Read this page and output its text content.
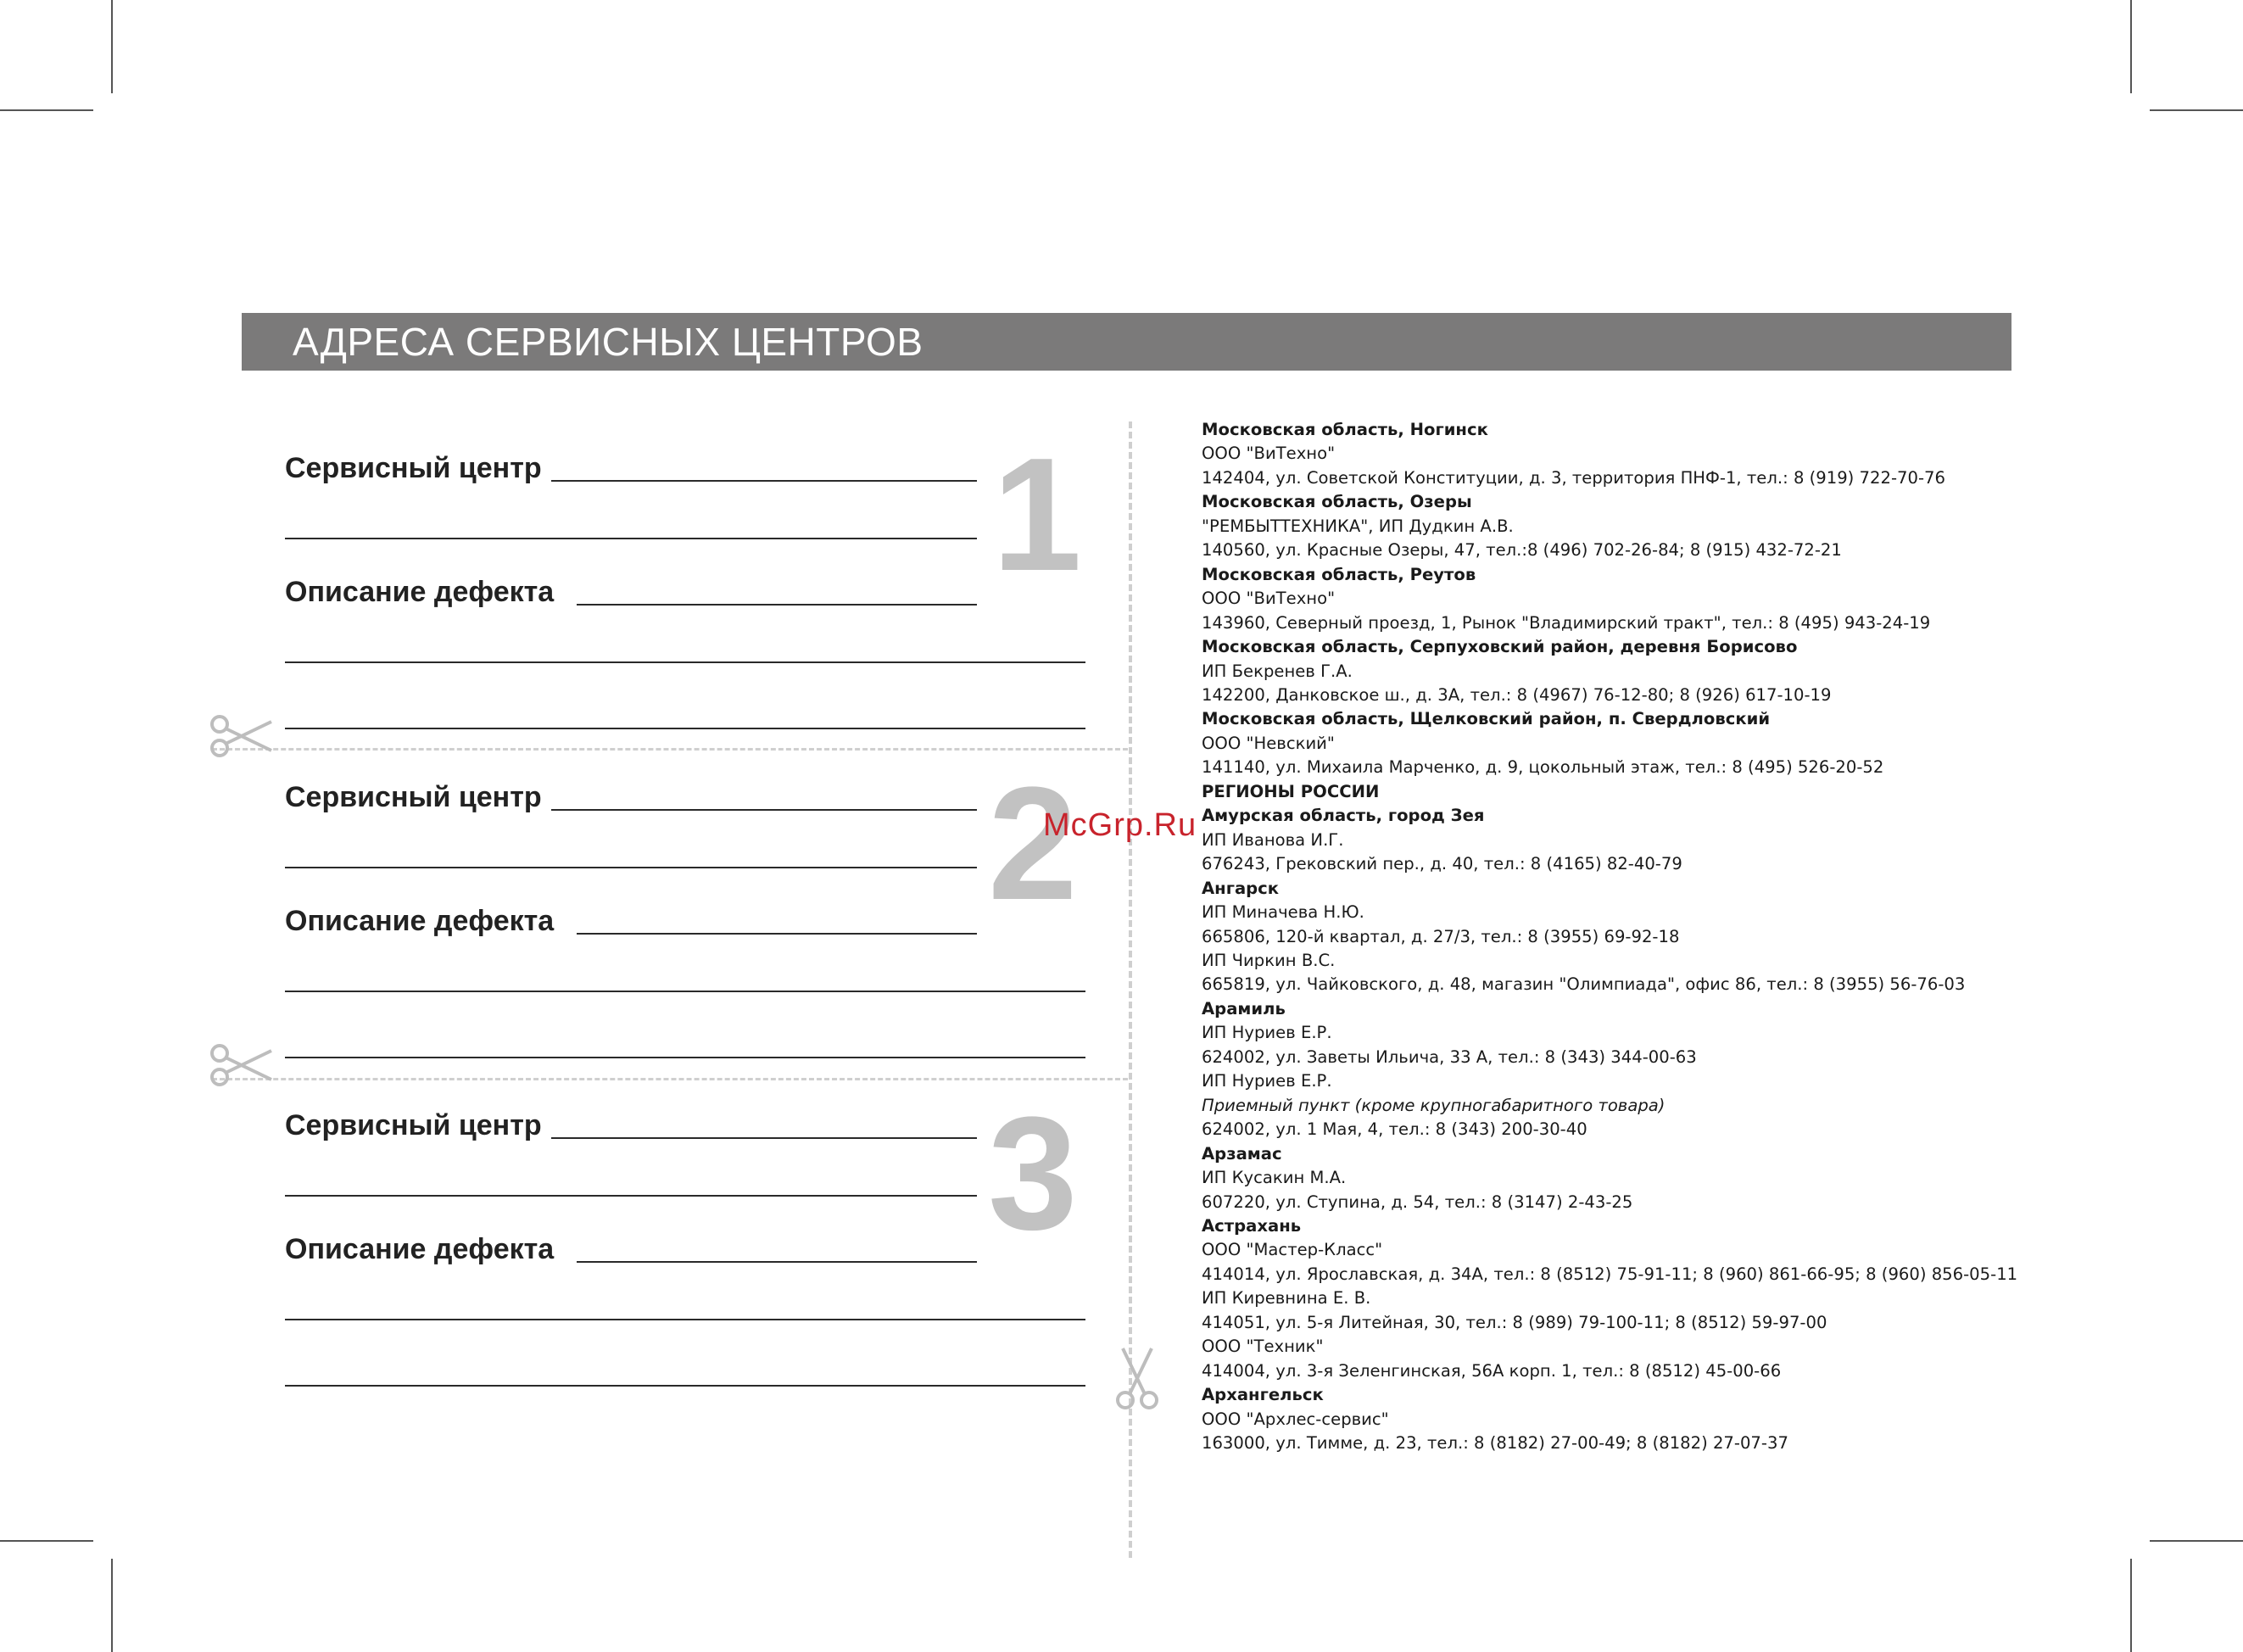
АДРЕСА СЕРВИСНЫХ ЦЕНТРОВ
1
Сервисный центр
Описание дефекта
2
Сервисный центр
Описание дефекта
3
Сервисный центр
Описание дефекта
Московская область, Ногинск
ООО "ВиТехно"
142404, ул. Советской Конституции, д. 3, территория ПНФ-1, тел.: 8 (919) 722-70-76
Московская область, Озеры
"РЕМБЫТТЕХНИКА", ИП Дудкин А.В.
140560, ул. Красные Озеры, 47, тел.:8 (496) 702-26-84; 8 (915) 432-72-21
Московская область, Реутов
ООО "ВиТехно"
143960, Северный проезд, 1, Рынок "Владимирский тракт", тел.: 8 (495) 943-24-19
Московская область, Серпуховский район, деревня Борисово
ИП Бекренев Г.А.
142200, Данковское ш., д. 3А, тел.: 8 (4967) 76-12-80; 8 (926) 617-10-19
Московская область, Щелковский район, п. Свердловский
ООО "Невский"
141140, ул. Михаила Марченко, д. 9, цокольный этаж, тел.: 8 (495) 526-20-52
РЕГИОНЫ РОССИИ
Амурская область, город Зея
ИП Иванова И.Г.
676243, Грековский пер., д. 40, тел.: 8 (4165) 82-40-79
Ангарск
ИП Миначева Н.Ю.
665806, 120-й квартал, д. 27/3, тел.: 8 (3955) 69-92-18
ИП Чиркин В.С.
665819, ул. Чайковского, д. 48, магазин "Олимпиада", офис 86, тел.: 8 (3955) 56-76-03
Арамиль
ИП Нуриев Е.Р.
624002, ул. Заветы Ильича, 33 А, тел.: 8 (343) 344-00-63
ИП Нуриев Е.Р.
Приемный пункт (кроме крупногабаритного товара)
624002, ул. 1 Мая, 4, тел.: 8 (343) 200-30-40
Арзамас
ИП Кусакин М.А.
607220, ул. Ступина, д. 54, тел.: 8 (3147) 2-43-25
Астрахань
ООО "Мастер-Класс"
414014, ул. Ярославская, д. 34А, тел.: 8 (8512) 75-91-11; 8 (960) 861-66-95; 8 (960) 856-05-11
ИП Киревнина Е. В.
414051, ул. 5-я Литейная, 30, тел.: 8 (989) 79-100-11; 8 (8512) 59-97-00
ООО "Техник"
414004, ул. 3-я Зеленгинская, 56А корп. 1, тел.: 8 (8512) 45-00-66
Архангельск
ООО "Архлес-сервис"
163000, ул. Тимме, д. 23, тел.: 8 (8182) 27-00-49; 8 (8182) 27-07-37
McGrp.Ru
